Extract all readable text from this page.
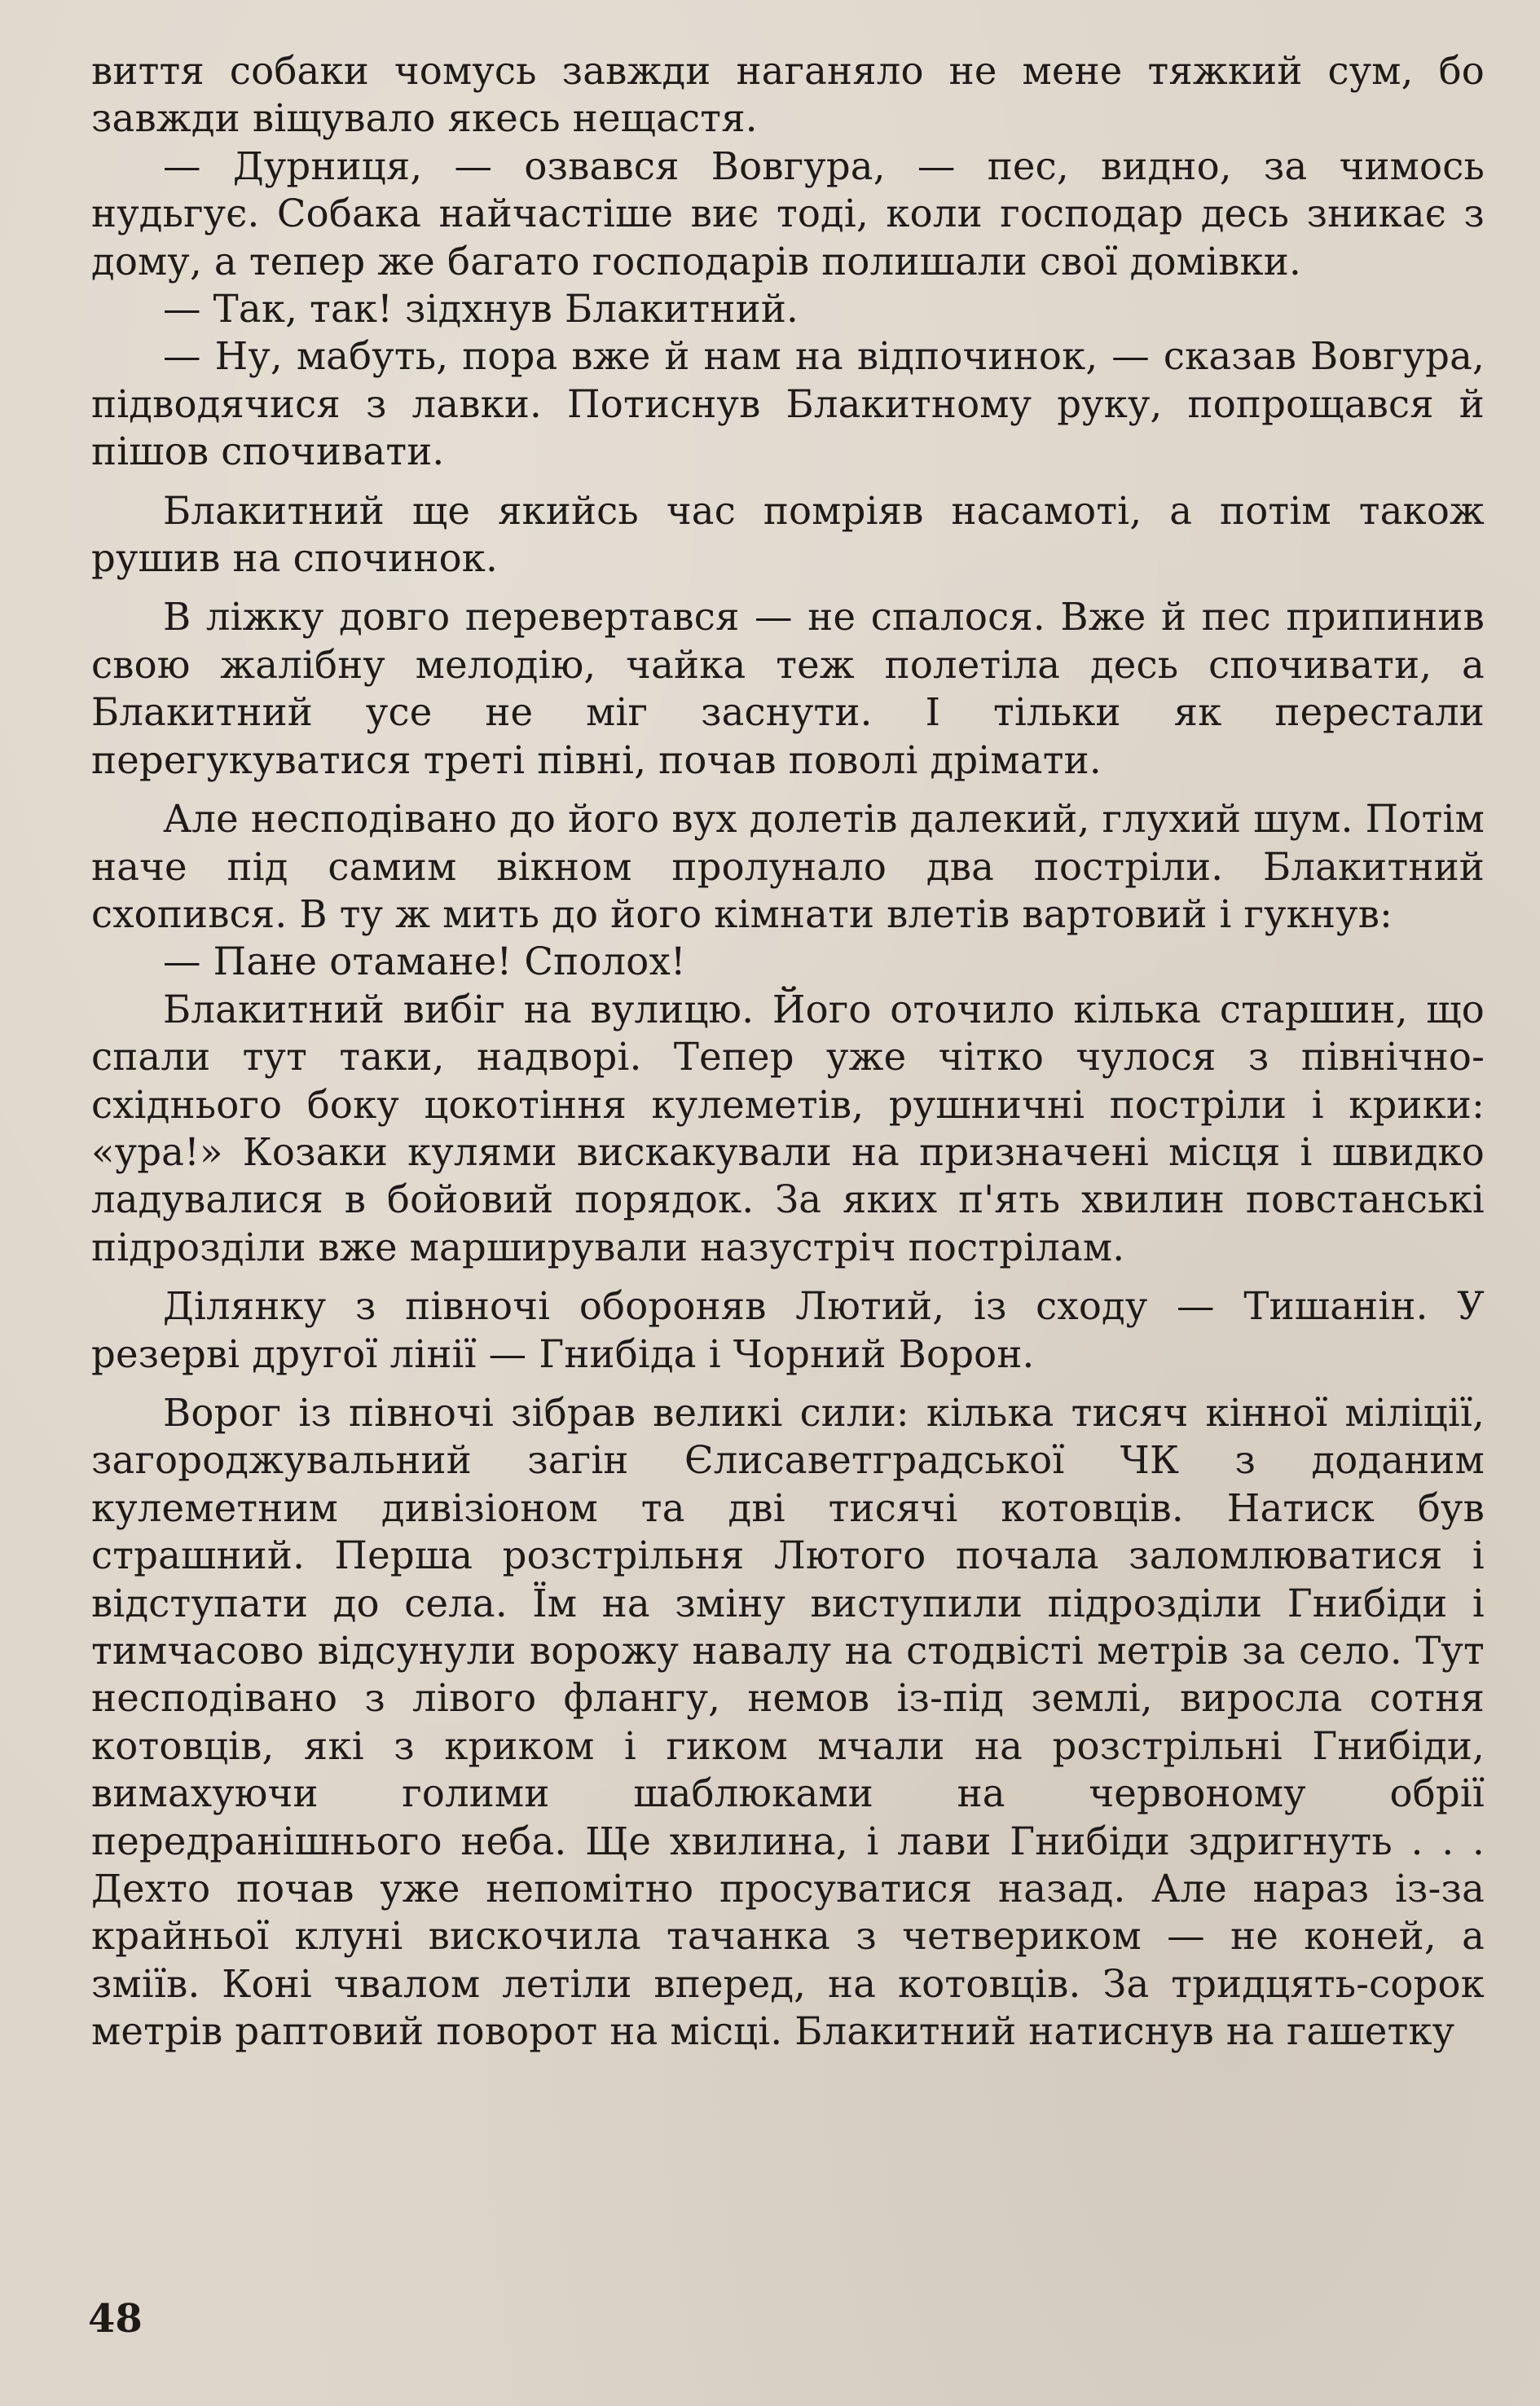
виття собаки чомусь завжди наганяло не мене тяжкий сум, бо завжди віщувало якесь нещастя.

— Дурниця, — озвався Вовгура, — пес, видно, за чимось нудьгує. Собака найчастіше виє тоді, коли господар десь зникає з дому, а тепер же багато господарів полишали свої домівки.

— Так, так! зідхнув Блакитний.

— Ну, мабуть, пора вже й нам на відпочинок, — сказав Вовгура, підводячися з лавки. Потиснув Блакитному руку, попрощався й пішов спочивати.

Блакитний ще якийсь час помріяв насамоті, а потім також рушив на спочинок.

В ліжку довго перевертався — не спалося. Вже й пес припинив свою жалібну мелодію, чайка теж полетіла десь спочивати, а Блакитний усе не міг заснути. І тільки як перестали перегукуватися треті півні, почав поволі дрімати.

Але несподівано до його вух долетів далекий, глухий шум. Потім наче під самим вікном пролунало два постріли. Блакитний схопився. В ту ж мить до його кімнати влетів вартовий і гукнув:

— Пане отамане! Сполох!

Блакитний вибіг на вулицю. Його оточило кілька старшин, що спали тут таки, надворі. Тепер уже чітко чулося з північно-східнього боку цокотіння кулеметів, рушничні постріли і крики: «ура!» Козаки кулями вискакували на призначені місця і швидко ладувалися в бойовий порядок. За яких п'ять хвилин повстанські підрозділи вже марширували назустріч пострілам.

Ділянку з півночі обороняв Лютий, із сходу — Тишанін. У резерві другої лінії — Гнибіда і Чорний Ворон.

Ворог із півночі зібрав великі сили: кілька тисяч кінної міліції, загороджувальний загін Єлисаветградської ЧК з доданим кулеметним дивізіоном та дві тисячі котовців. Натиск був страшний. Перша розстрільня Лютого почала заломлюватися і відступати до села. Їм на зміну виступили підрозділи Гнибіди і тимчасово відсунули ворожу навалу на стодвісті метрів за село. Тут несподівано з лівого флангу, немов із-під землі, виросла сотня котовців, які з криком і гиком мчали на розстрільні Гнибіди, вимахуючи голими шаблюками на червоному обрії передранішнього неба. Ще хвилина, і лави Гнибіди здригнуть . . . Дехто почав уже непомітно просуватися назад. Але нараз із-за крайньої клуні вискочила тачанка з четвериком — не коней, а зміїв. Коні чвалом летіли вперед, на котовців. За тридцять-сорок метрів раптовий поворот на місці. Блакитний натиснув на гашетку

48
